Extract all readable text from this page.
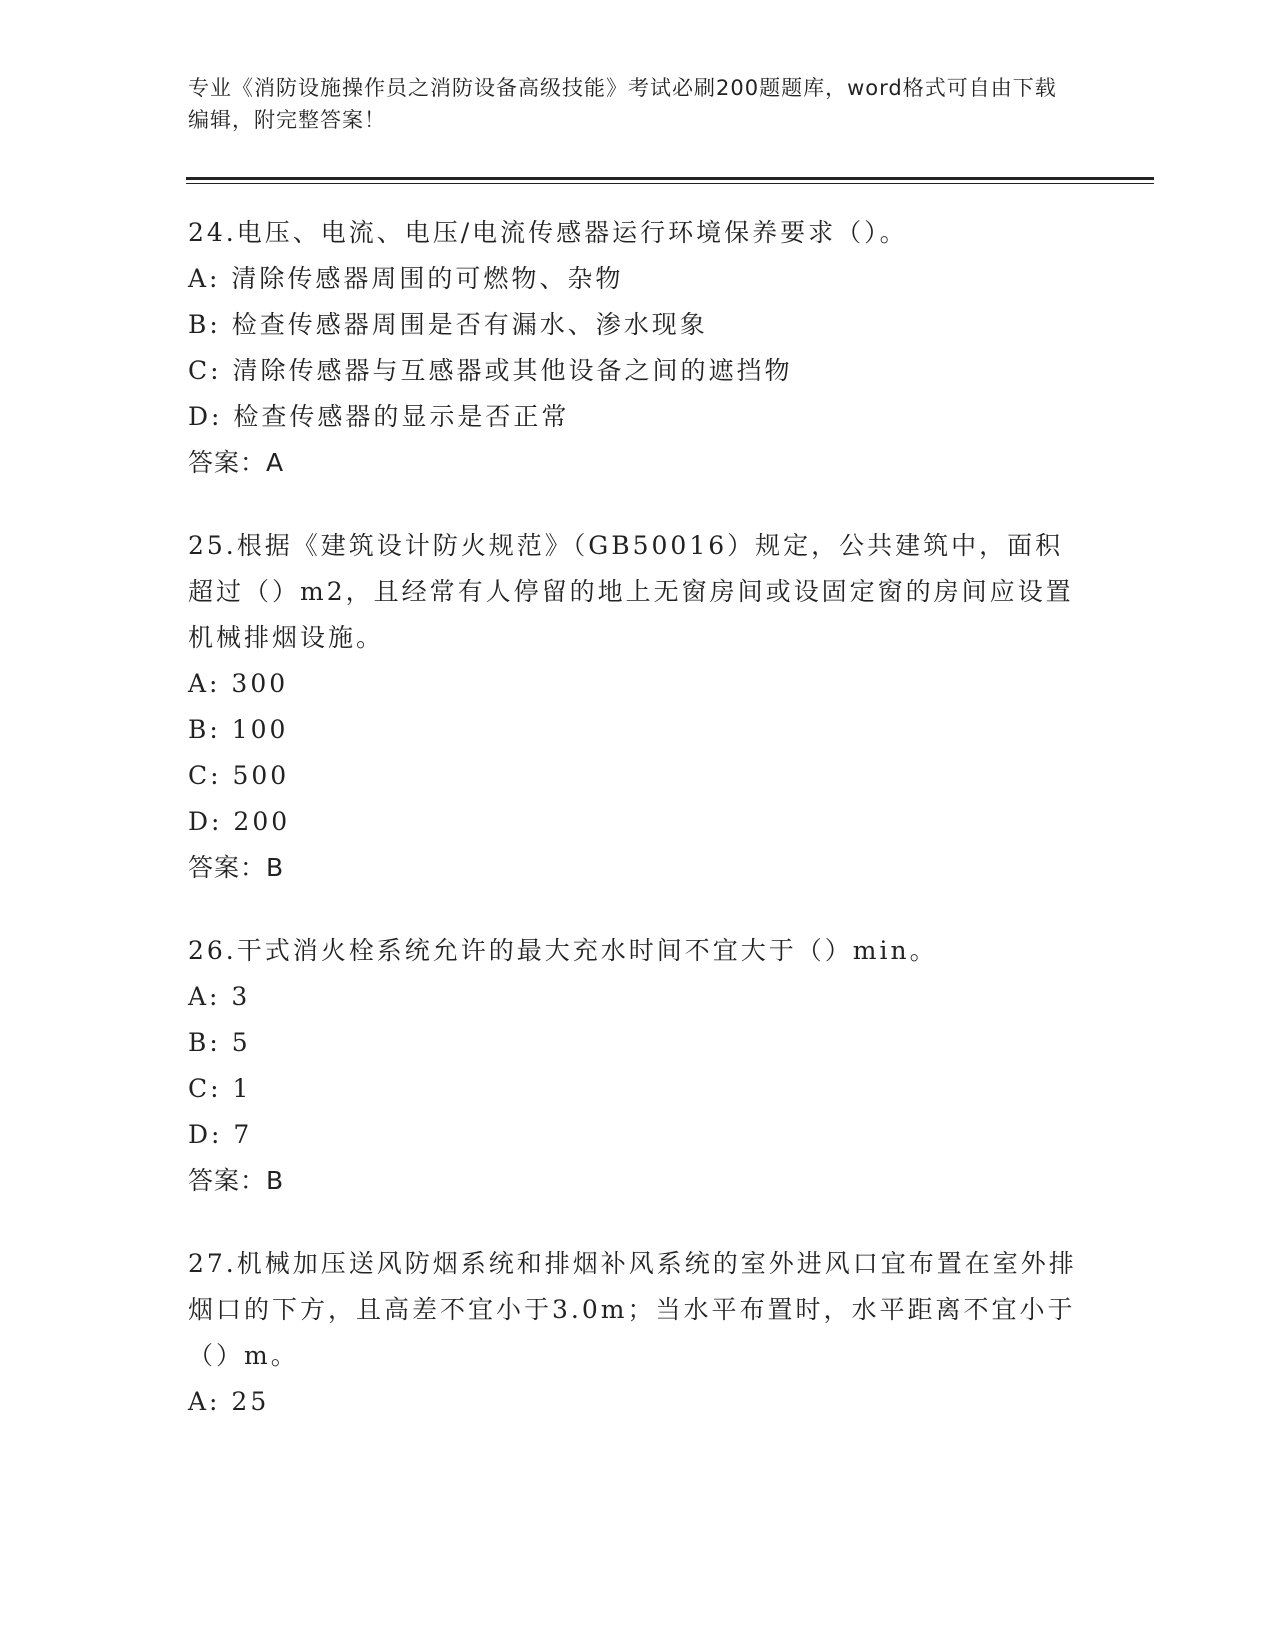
专业《消防设施操作员之消防设备高级技能》考试必刷200题题库，word格式可自由下载编辑，附完整答案！

24.电压、电流、电压/电流传感器运行环境保养要求（）。

A: 清除传感器周围的可燃物、杂物

B: 检查传感器周围是否有漏水、渗水现象

C: 清除传感器与互感器或其他设备之间的遮挡物

D: 检查传感器的显示是否正常

答案：A

25.根据《建筑设计防火规范》（GB50016）规定，公共建筑中，面积超过（）m2，且经常有人停留的地上无窗房间或设固定窗的房间应设置机械排烟设施。

A: 300

B: 100

C: 500

D: 200

答案：B

26.干式消火栓系统允许的最大充水时间不宜大于（）min。

A: 3

B: 5

C: 1

D: 7

答案：B

27.机械加压送风防烟系统和排烟补风系统的室外进风口宜布置在室外排烟口的下方，且高差不宜小于3.0m；当水平布置时，水平距离不宜小于（）m。

A: 25
